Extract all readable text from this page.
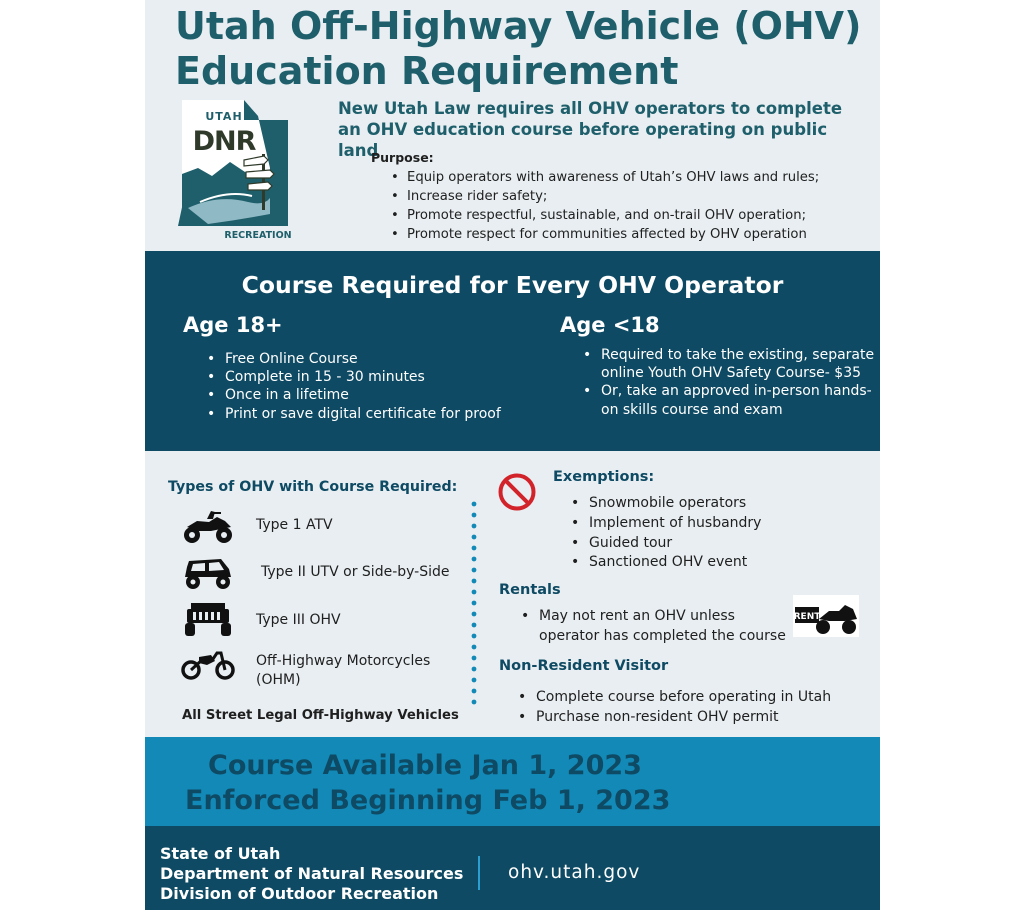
Utah Off-Highway Vehicle (OHV)
Education Requirement
UTAH
DNR
RECREATION
New Utah Law requires all OHV operators to complete
an OHV education course before operating on public land
Purpose:
• Equip operators with awareness of Utah’s OHV laws and rules;
• Increase rider safety;
• Promote respectful, sustainable, and on-trail OHV operation;
• Promote respect for communities affected by OHV operation
Course Required for Every OHV Operator
Age 18+
• Free Online Course
• Complete in 15 - 30 minutes
• Once in a lifetime
• Print or save digital certificate for proof
Age <18
• Required to take the existing, separate online Youth OHV Safety Course- $35
• Or, take an approved in-person hands-on skills course and exam
Types of OHV with Course Required:
Type 1 ATV
Type II UTV or Side-by-Side
Type III OHV
Off-Highway Motorcycles (OHM)
All Street Legal Off-Highway Vehicles
Exemptions:
• Snowmobile operators
• Implement of husbandry
• Guided tour
• Sanctioned OHV event
Rentals
• May not rent an OHV unless operator has completed the course
RENT
Non-Resident Visitor
• Complete course before operating in Utah
• Purchase non-resident OHV permit
Course Available Jan 1, 2023
Enforced Beginning Feb 1, 2023
State of Utah
Department of Natural Resources
Division of Outdoor Recreation
ohv.utah.gov
